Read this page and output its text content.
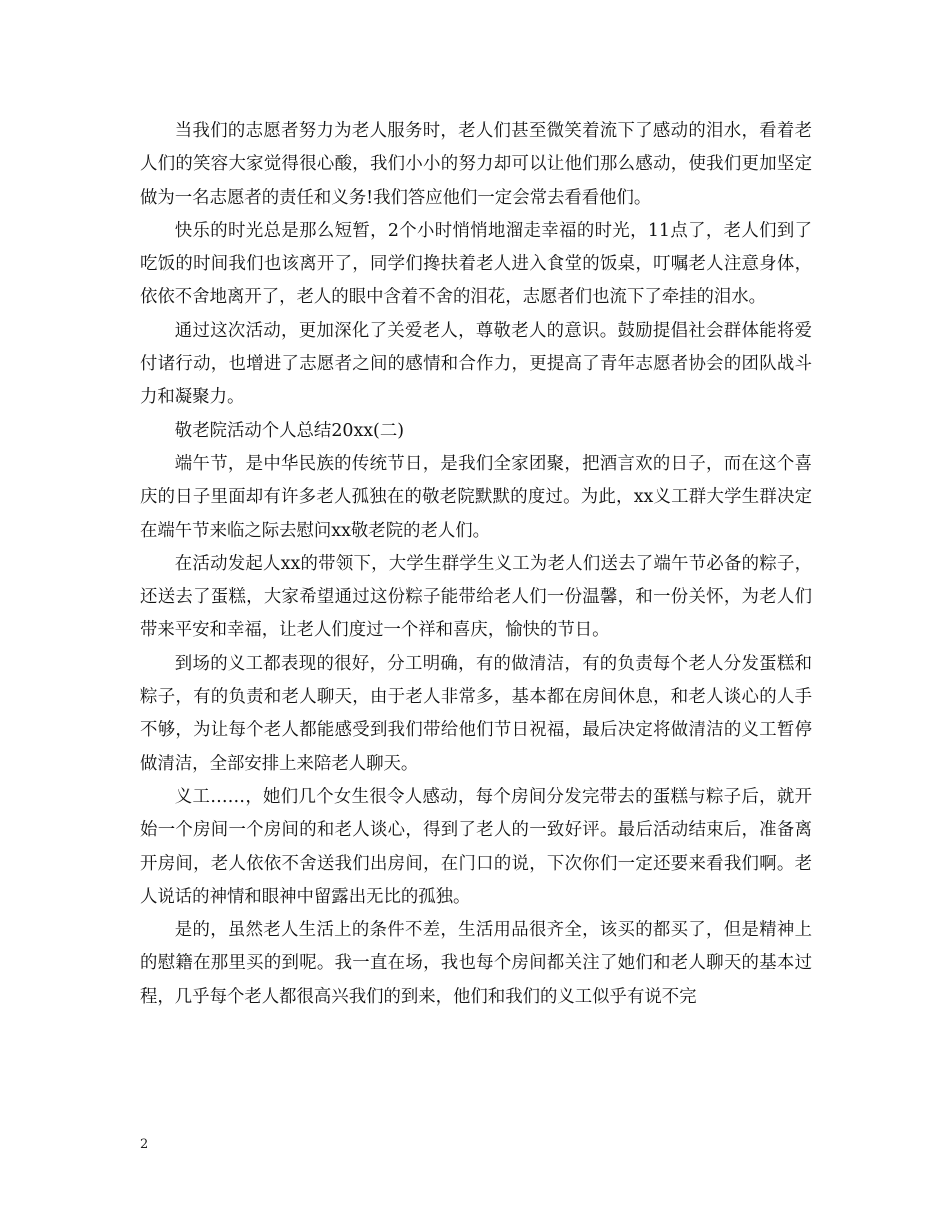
当我们的志愿者努力为老人服务时，老人们甚至微笑着流下了感动的泪水，看着老人们的笑容大家觉得很心酸，我们小小的努力却可以让他们那么感动，使我们更加坚定做为一名志愿者的责任和义务!我们答应他们一定会常去看看他们。

快乐的时光总是那么短暂，2个小时悄悄地溜走幸福的时光，11点了，老人们到了吃饭的时间我们也该离开了，同学们搀扶着老人进入食堂的饭桌，叮嘱老人注意身体，依依不舍地离开了，老人的眼中含着不舍的泪花，志愿者们也流下了牵挂的泪水。

通过这次活动，更加深化了关爱老人，尊敬老人的意识。鼓励提倡社会群体能将爱付诸行动，也增进了志愿者之间的感情和合作力，更提高了青年志愿者协会的团队战斗力和凝聚力。

敬老院活动个人总结20xx(二)

端午节，是中华民族的传统节日，是我们全家团聚，把酒言欢的日子，而在这个喜庆的日子里面却有许多老人孤独在的敬老院默默的度过。为此，xx义工群大学生群决定在端午节来临之际去慰问xx敬老院的老人们。

在活动发起人xx的带领下，大学生群学生义工为老人们送去了端午节必备的粽子，还送去了蛋糕，大家希望通过这份粽子能带给老人们一份温馨，和一份关怀，为老人们带来平安和幸福，让老人们度过一个祥和喜庆，愉快的节日。

到场的义工都表现的很好，分工明确，有的做清洁，有的负责每个老人分发蛋糕和粽子，有的负责和老人聊天，由于老人非常多，基本都在房间休息，和老人谈心的人手不够，为让每个老人都能感受到我们带给他们节日祝福，最后决定将做清洁的义工暂停做清洁，全部安排上来陪老人聊天。

义工……，她们几个女生很令人感动，每个房间分发完带去的蛋糕与粽子后，就开始一个房间一个房间的和老人谈心，得到了老人的一致好评。最后活动结束后，准备离开房间，老人依依不舍送我们出房间，在门口的说，下次你们一定还要来看我们啊。老人说话的神情和眼神中留露出无比的孤独。

是的，虽然老人生活上的条件不差，生活用品很齐全，该买的都买了，但是精神上的慰籍在那里买的到呢。我一直在场，我也每个房间都关注了她们和老人聊天的基本过程，几乎每个老人都很高兴我们的到来，他们和我们的义工似乎有说不完

2
